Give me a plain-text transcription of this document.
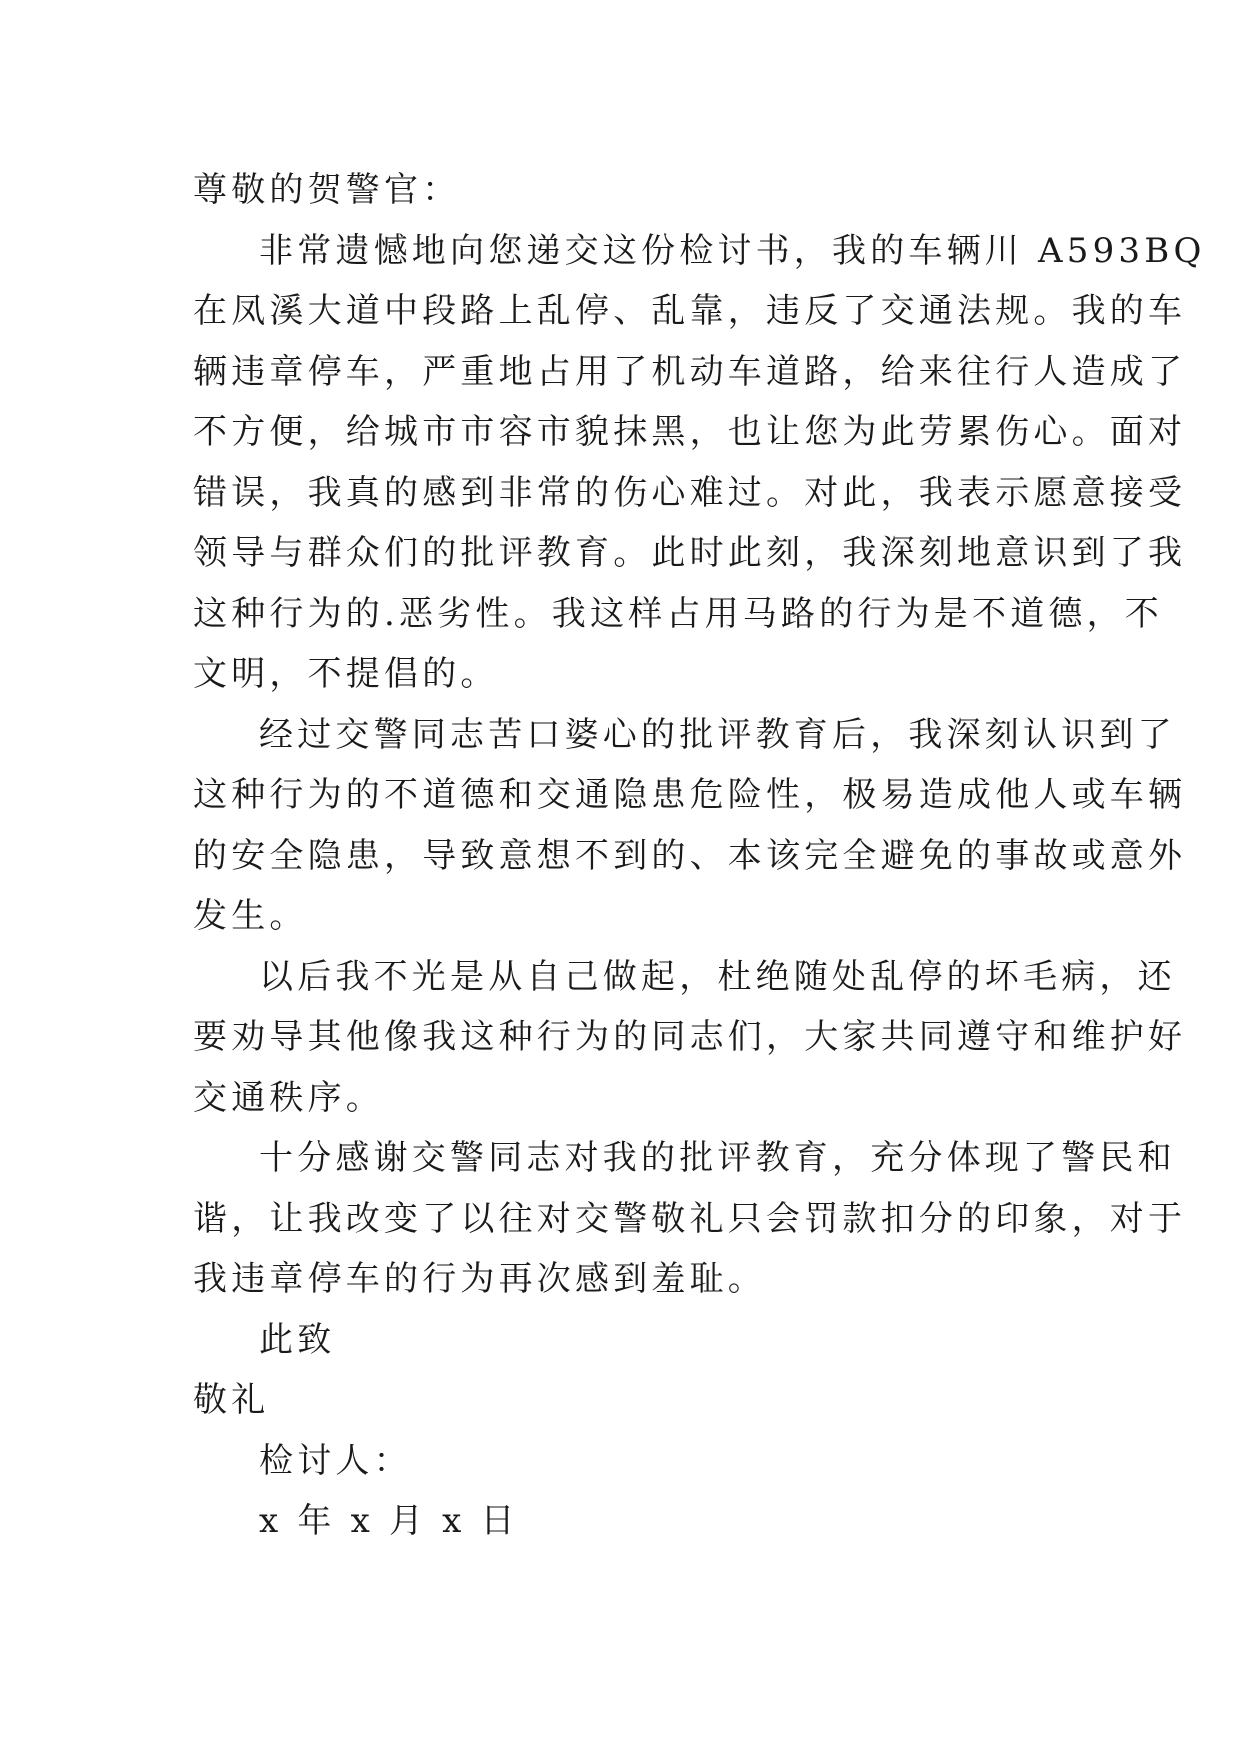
尊敬的贺警官：

非常遗憾地向您递交这份检讨书，我的车辆川 A593BQ

在凤溪大道中段路上乱停、乱靠，违反了交通法规。我的车

辆违章停车，严重地占用了机动车道路，给来往行人造成了

不方便，给城市市容市貌抹黑，也让您为此劳累伤心。面对

错误，我真的感到非常的伤心难过。对此，我表示愿意接受

领导与群众们的批评教育。此时此刻，我深刻地意识到了我

这种行为的.恶劣性。我这样占用马路的行为是不道德，不

文明，不提倡的。

经过交警同志苦口婆心的批评教育后，我深刻认识到了

这种行为的不道德和交通隐患危险性，极易造成他人或车辆

的安全隐患，导致意想不到的、本该完全避免的事故或意外

发生。

以后我不光是从自己做起，杜绝随处乱停的坏毛病，还

要劝导其他像我这种行为的同志们，大家共同遵守和维护好

交通秩序。

十分感谢交警同志对我的批评教育，充分体现了警民和

谐，让我改变了以往对交警敬礼只会罚款扣分的印象，对于

我违章停车的行为再次感到羞耻。

此致

敬礼

检讨人：

x 年 x 月 x 日
